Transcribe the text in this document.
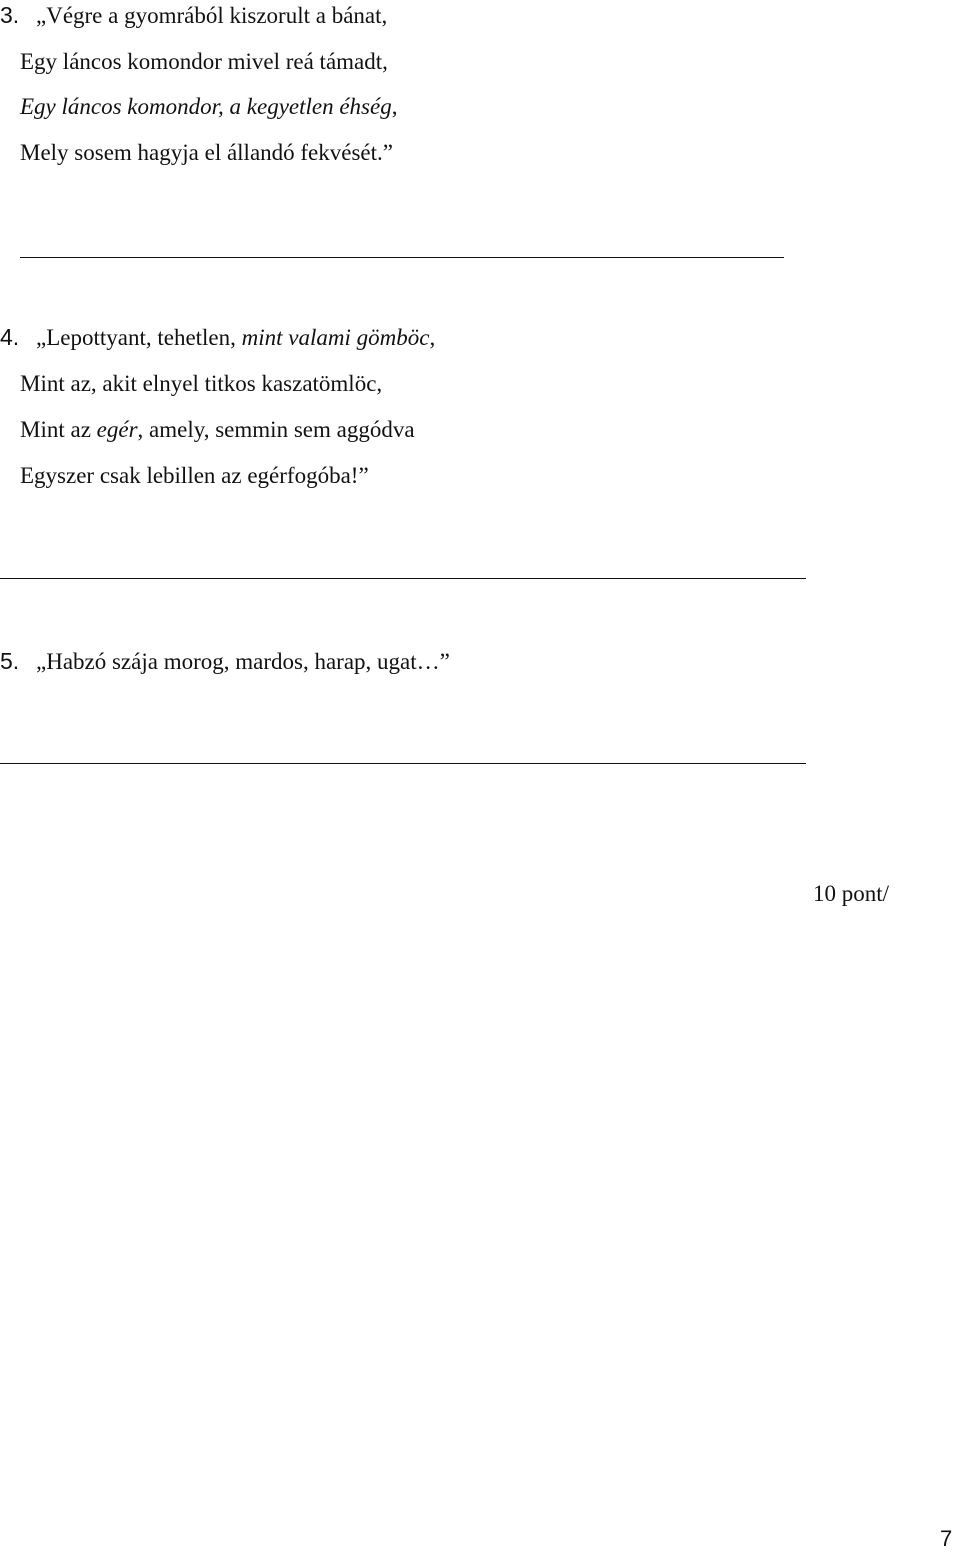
3. „Végre a gyomrából kiszorult a bánat,
Egy láncos komondor mivel reá támadt,
Egy láncos komondor, a kegyetlen éhség,
Mely sosem hagyja el állandó fekvését.”
4. „Lepottyant, tehetlen, mint valami gömböc,
Mint az, akit elnyel titkos kaszatömlöc,
Mint az egér, amely, semmin sem aggódva
Egyszer csak lebillen az egérfogóba!”
5. „Habzó szája morog, mardos, harap, ugat…”
10 pont/
7
